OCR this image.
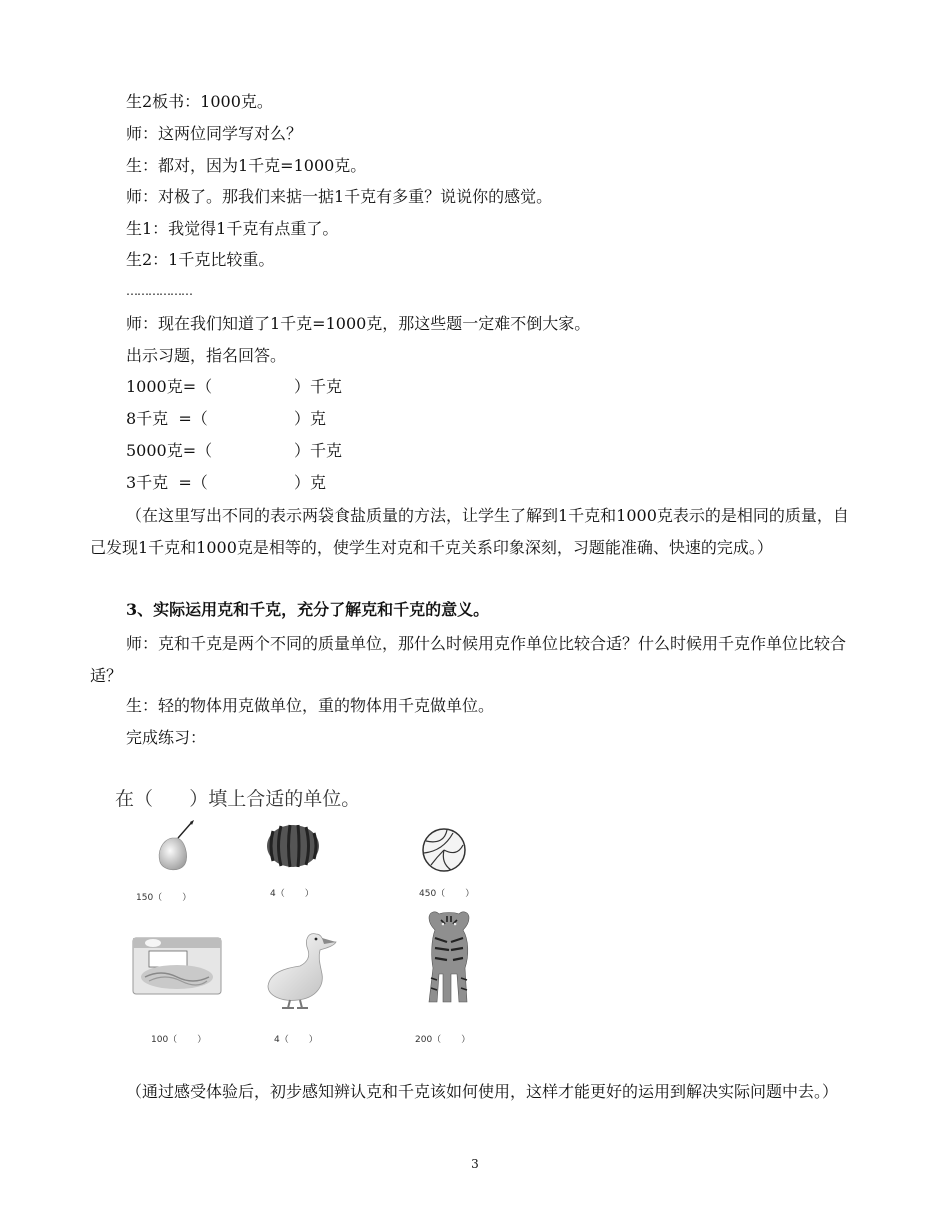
生2板书：1000克。
师：这两位同学写对么？
生：都对，因为1千克=1000克。
师：对极了。那我们来掂一掂1千克有多重？说说你的感觉。
生1：我觉得1千克有点重了。
生2：1千克比较重。
………………
师：现在我们知道了1千克=1000克，那这些题一定难不倒大家。
出示习题，指名回答。
1000克=（	）千克
8千克  =（	）克
5000克=（	）千克
3千克  =（	）克
（在这里写出不同的表示两袋食盐质量的方法，让学生了解到1千克和1000克表示的是相同的质量，自己发现1千克和1000克是相等的，使学生对克和千克关系印象深刻，习题能准确、快速的完成。）
3、实际运用克和千克，充分了解克和千克的意义。
师：克和千克是两个不同的质量单位，那什么时候用克作单位比较合适？什么时候用千克作单位比较合适？
生：轻的物体用克做单位，重的物体用千克做单位。
完成练习：
在（      ）填上合适的单位。
150（       ）	4（       ）	450（       ）
100（       ）	4（       ）	200（       ）
（通过感受体验后，初步感知辨认克和千克该如何使用，这样才能更好的运用到解决实际问题中去。）
3
